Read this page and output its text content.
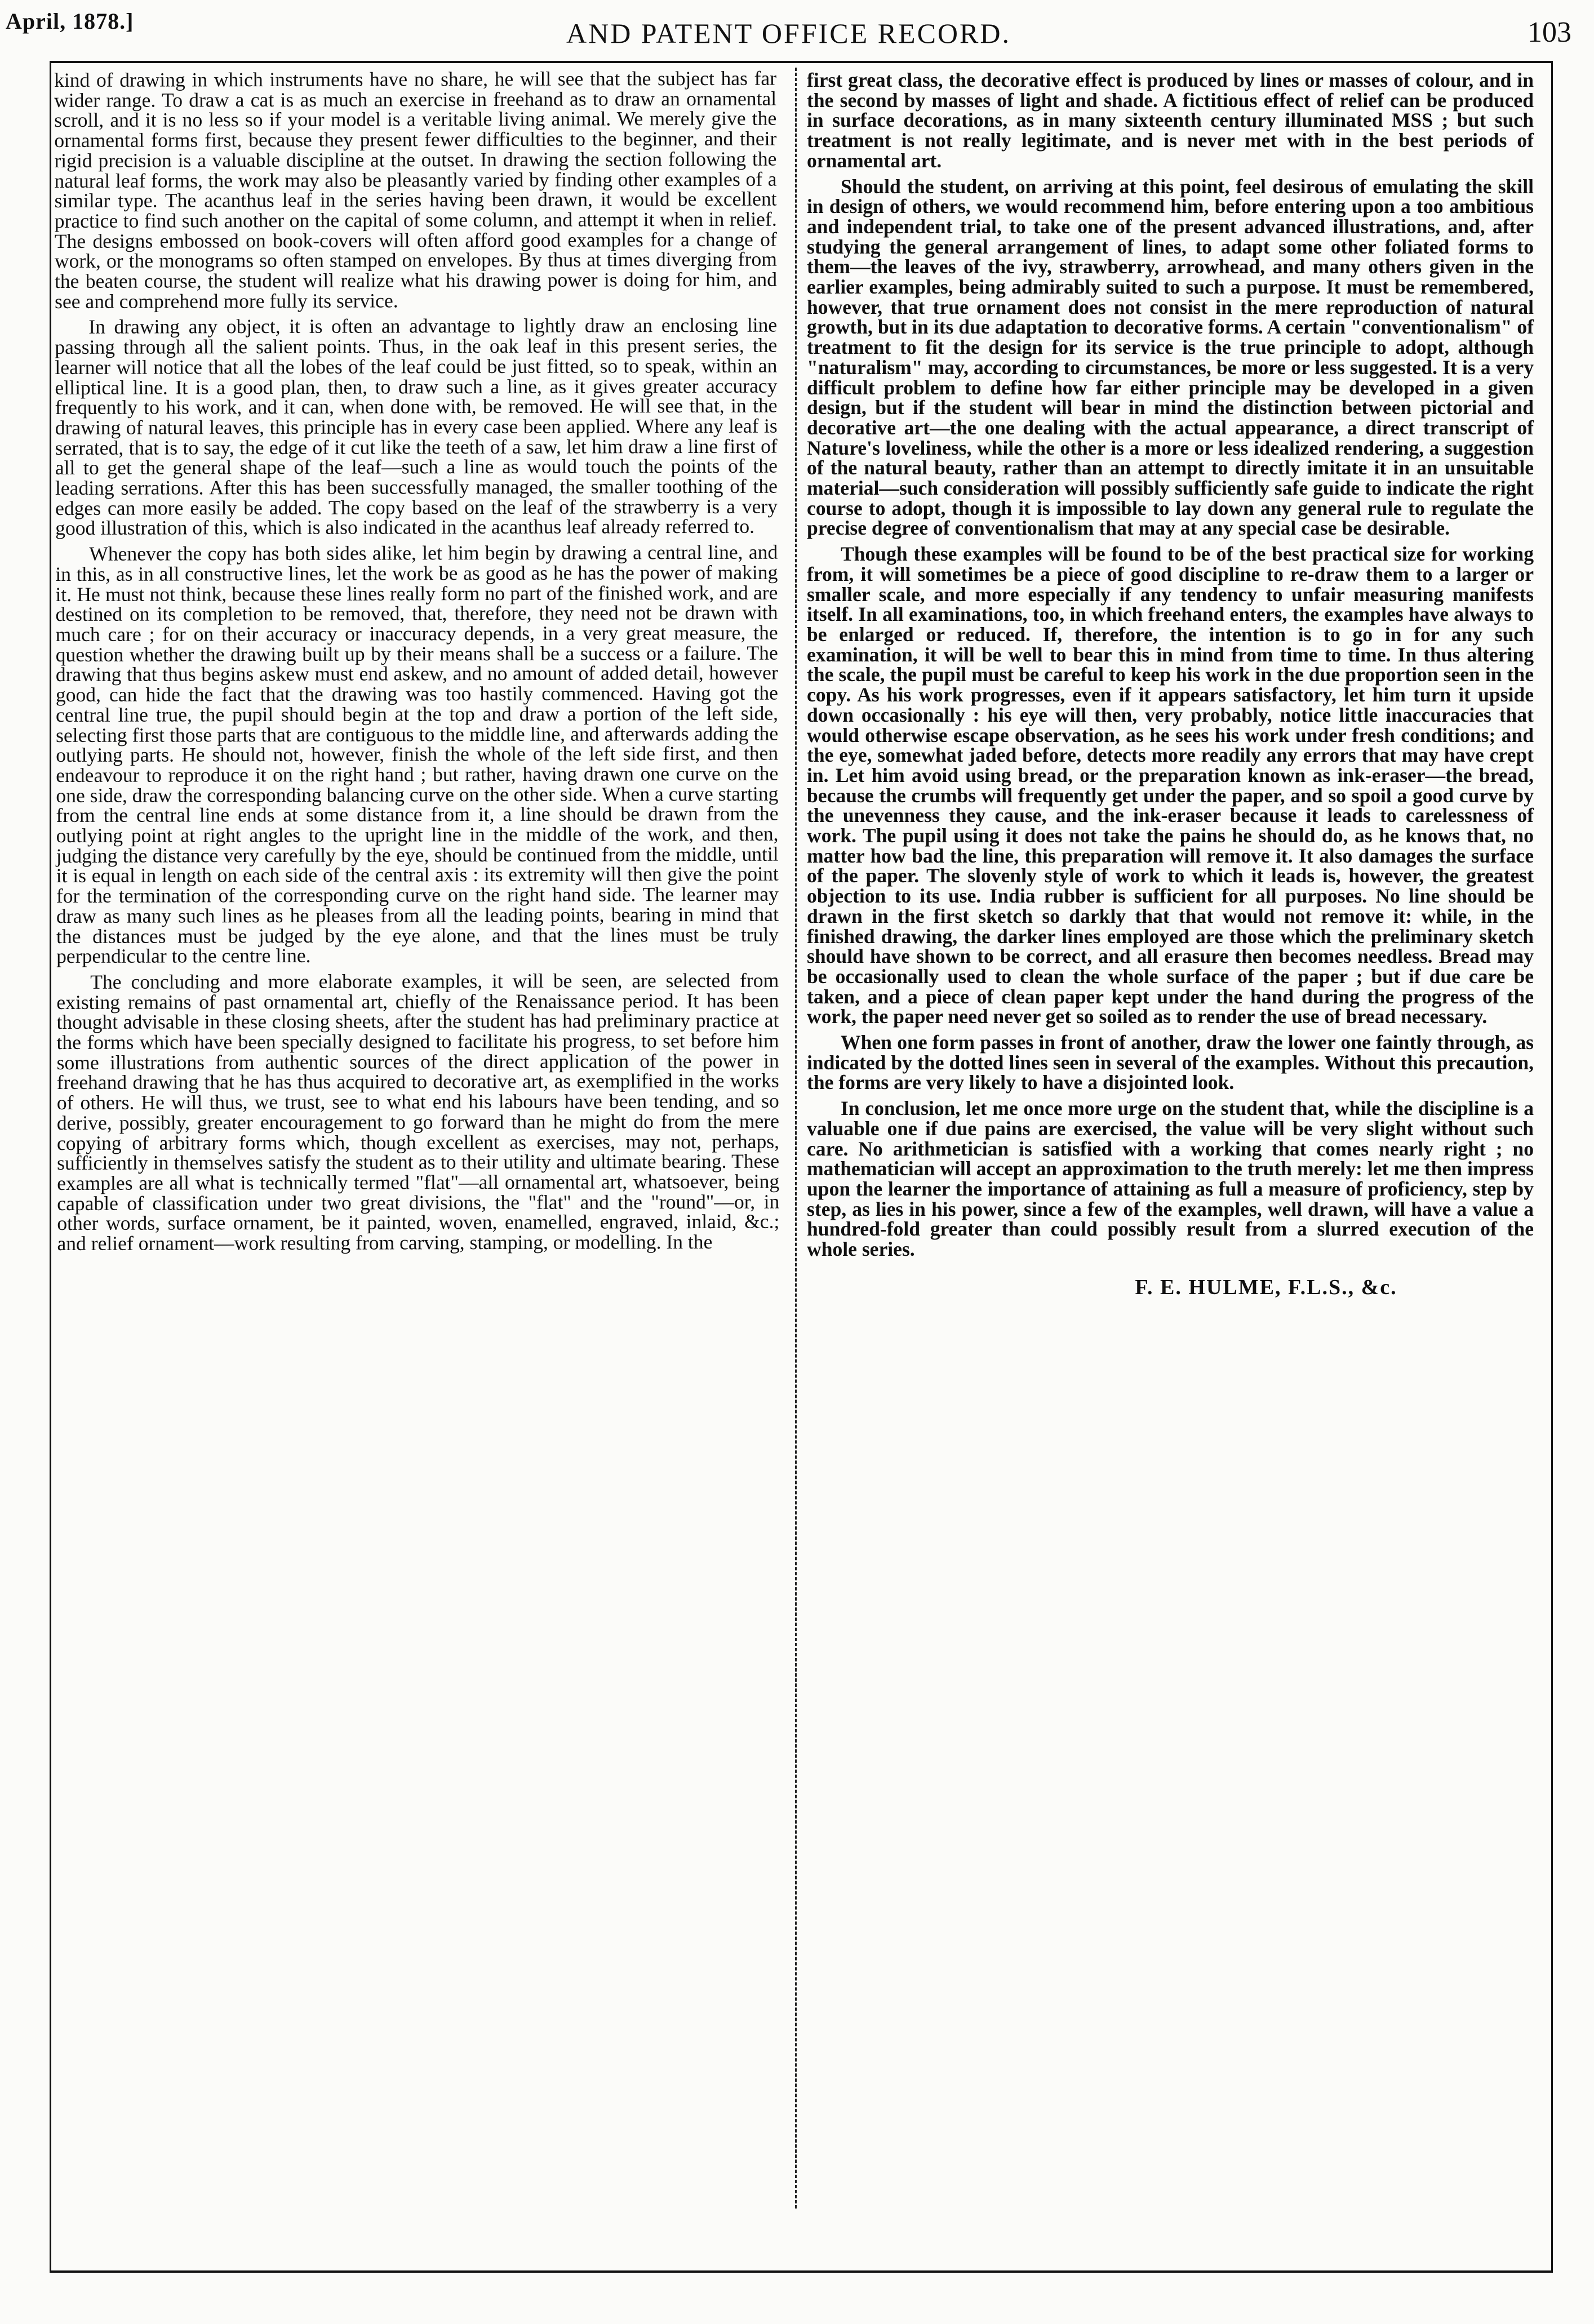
April, 1878.]	AND PATENT OFFICE RECORD.	103

kind of drawing in which instruments have no share, he will see that the subject has far wider range. To draw a cat is as much an exercise in freehand as to draw an ornamental scroll, and it is no less so if your model is a veritable living animal. We merely give the ornamental forms first, because they present fewer difficulties to the beginner, and their rigid precision is a valuable discipline at the outset. In drawing the section following the natural leaf forms, the work may also be pleasantly varied by finding other examples of a similar type. The acanthus leaf in the series having been drawn, it would be excellent practice to find such another on the capital of some column, and attempt it when in relief. The designs embossed on book-covers will often afford good examples for a change of work, or the monograms so often stamped on envelopes. By thus at times diverging from the beaten course, the student will realize what his drawing power is doing for him, and see and comprehend more fully its service.

In drawing any object, it is often an advantage to lightly draw an enclosing line passing through all the salient points. Thus, in the oak leaf in this present series, the learner will notice that all the lobes of the leaf could be just fitted, so to speak, within an elliptical line. It is a good plan, then, to draw such a line, as it gives greater accuracy frequently to his work, and it can, when done with, be removed. He will see that, in the drawing of natural leaves, this principle has in every case been applied. Where any leaf is serrated, that is to say, the edge of it cut like the teeth of a saw, let him draw a line first of all to get the general shape of the leaf—such a line as would touch the points of the leading serrations. After this has been successfully managed, the smaller toothing of the edges can more easily be added. The copy based on the leaf of the strawberry is a very good illustration of this, which is also indicated in the acanthus leaf already referred to.

Whenever the copy has both sides alike, let him begin by drawing a central line, and in this, as in all constructive lines, let the work be as good as he has the power of making it. He must not think, because these lines really form no part of the finished work, and are destined on its completion to be removed, that, therefore, they need not be drawn with much care ; for on their accuracy or inaccuracy depends, in a very great measure, the question whether the drawing built up by their means shall be a success or a failure. The drawing that thus begins askew must end askew, and no amount of added detail, however good, can hide the fact that the drawing was too hastily commenced. Having got the central line true, the pupil should begin at the top and draw a portion of the left side, selecting first those parts that are contiguous to the middle line, and afterwards adding the outlying parts. He should not, however, finish the whole of the left side first, and then endeavour to reproduce it on the right hand ; but rather, having drawn one curve on the one side, draw the corresponding balancing curve on the other side. When a curve starting from the central line ends at some distance from it, a line should be drawn from the outlying point at right angles to the upright line in the middle of the work, and then, judging the distance very carefully by the eye, should be continued from the middle, until it is equal in length on each side of the central axis : its extremity will then give the point for the termination of the corresponding curve on the right hand side. The learner may draw as many such lines as he pleases from all the leading points, bearing in mind that the distances must be judged by the eye alone, and that the lines must be truly perpendicular to the centre line.

The concluding and more elaborate examples, it will be seen, are selected from existing remains of past ornamental art, chiefly of the Renaissance period. It has been thought advisable in these closing sheets, after the student has had preliminary practice at the forms which have been specially designed to facilitate his progress, to set before him some illustrations from authentic sources of the direct application of the power in freehand drawing that he has thus acquired to decorative art, as exemplified in the works of others. He will thus, we trust, see to what end his labours have been tending, and so derive, possibly, greater encouragement to go forward than he might do from the mere copying of arbitrary forms which, though excellent as exercises, may not, perhaps, sufficiently in themselves satisfy the student as to their utility and ultimate bearing. These examples are all what is technically termed "flat"—all ornamental art, whatsoever, being capable of classification under two great divisions, the "flat" and the "round"—or, in other words, surface ornament, be it painted, woven, enamelled, engraved, inlaid, &c.; and relief ornament—work resulting from carving, stamping, or modelling. In the

first great class, the decorative effect is produced by lines or masses of colour, and in the second by masses of light and shade. A fictitious effect of relief can be produced in surface decorations, as in many sixteenth century illuminated MSS ; but such treatment is not really legitimate, and is never met with in the best periods of ornamental art.

Should the student, on arriving at this point, feel desirous of emulating the skill in design of others, we would recommend him, before entering upon a too ambitious and independent trial, to take one of the present advanced illustrations, and, after studying the general arrangement of lines, to adapt some other foliated forms to them—the leaves of the ivy, strawberry, arrowhead, and many others given in the earlier examples, being admirably suited to such a purpose. It must be remembered, however, that true ornament does not consist in the mere reproduction of natural growth, but in its due adaptation to decorative forms. A certain "conventionalism" of treatment to fit the design for its service is the true principle to adopt, although "naturalism" may, according to circumstances, be more or less suggested. It is a very difficult problem to define how far either principle may be developed in a given design, but if the student will bear in mind the distinction between pictorial and decorative art—the one dealing with the actual appearance, a direct transcript of Nature's loveliness, while the other is a more or less idealized rendering, a suggestion of the natural beauty, rather than an attempt to directly imitate it in an unsuitable material—such consideration will possibly sufficiently safe guide to indicate the right course to adopt, though it is impossible to lay down any general rule to regulate the precise degree of conventionalism that may at any special case be desirable.

Though these examples will be found to be of the best practical size for working from, it will sometimes be a piece of good discipline to re-draw them to a larger or smaller scale, and more especially if any tendency to unfair measuring manifests itself. In all examinations, too, in which freehand enters, the examples have always to be enlarged or reduced. If, therefore, the intention is to go in for any such examination, it will be well to bear this in mind from time to time. In thus altering the scale, the pupil must be careful to keep his work in the due proportion seen in the copy. As his work progresses, even if it appears satisfactory, let him turn it upside down occasionally : his eye will then, very probably, notice little inaccuracies that would otherwise escape observation, as he sees his work under fresh conditions; and the eye, somewhat jaded before, detects more readily any errors that may have crept in. Let him avoid using bread, or the preparation known as ink-eraser—the bread, because the crumbs will frequently get under the paper, and so spoil a good curve by the unevenness they cause, and the ink-eraser because it leads to carelessness of work. The pupil using it does not take the pains he should do, as he knows that, no matter how bad the line, this preparation will remove it. It also damages the surface of the paper. The slovenly style of work to which it leads is, however, the greatest objection to its use. India rubber is sufficient for all purposes. No line should be drawn in the first sketch so darkly that that would not remove it: while, in the finished drawing, the darker lines employed are those which the preliminary sketch should have shown to be correct, and all erasure then becomes needless. Bread may be occasionally used to clean the whole surface of the paper ; but if due care be taken, and a piece of clean paper kept under the hand during the progress of the work, the paper need never get so soiled as to render the use of bread necessary.

When one form passes in front of another, draw the lower one faintly through, as indicated by the dotted lines seen in several of the examples. Without this precaution, the forms are very likely to have a disjointed look.

In conclusion, let me once more urge on the student that, while the discipline is a valuable one if due pains are exercised, the value will be very slight without such care. No arithmetician is satisfied with a working that comes nearly right ; no mathematician will accept an approximation to the truth merely: let me then impress upon the learner the importance of attaining as full a measure of proficiency, step by step, as lies in his power, since a few of the examples, well drawn, will have a value a hundred-fold greater than could possibly result from a slurred execution of the whole series.

F. E. HULME, F.L.S., &c.
